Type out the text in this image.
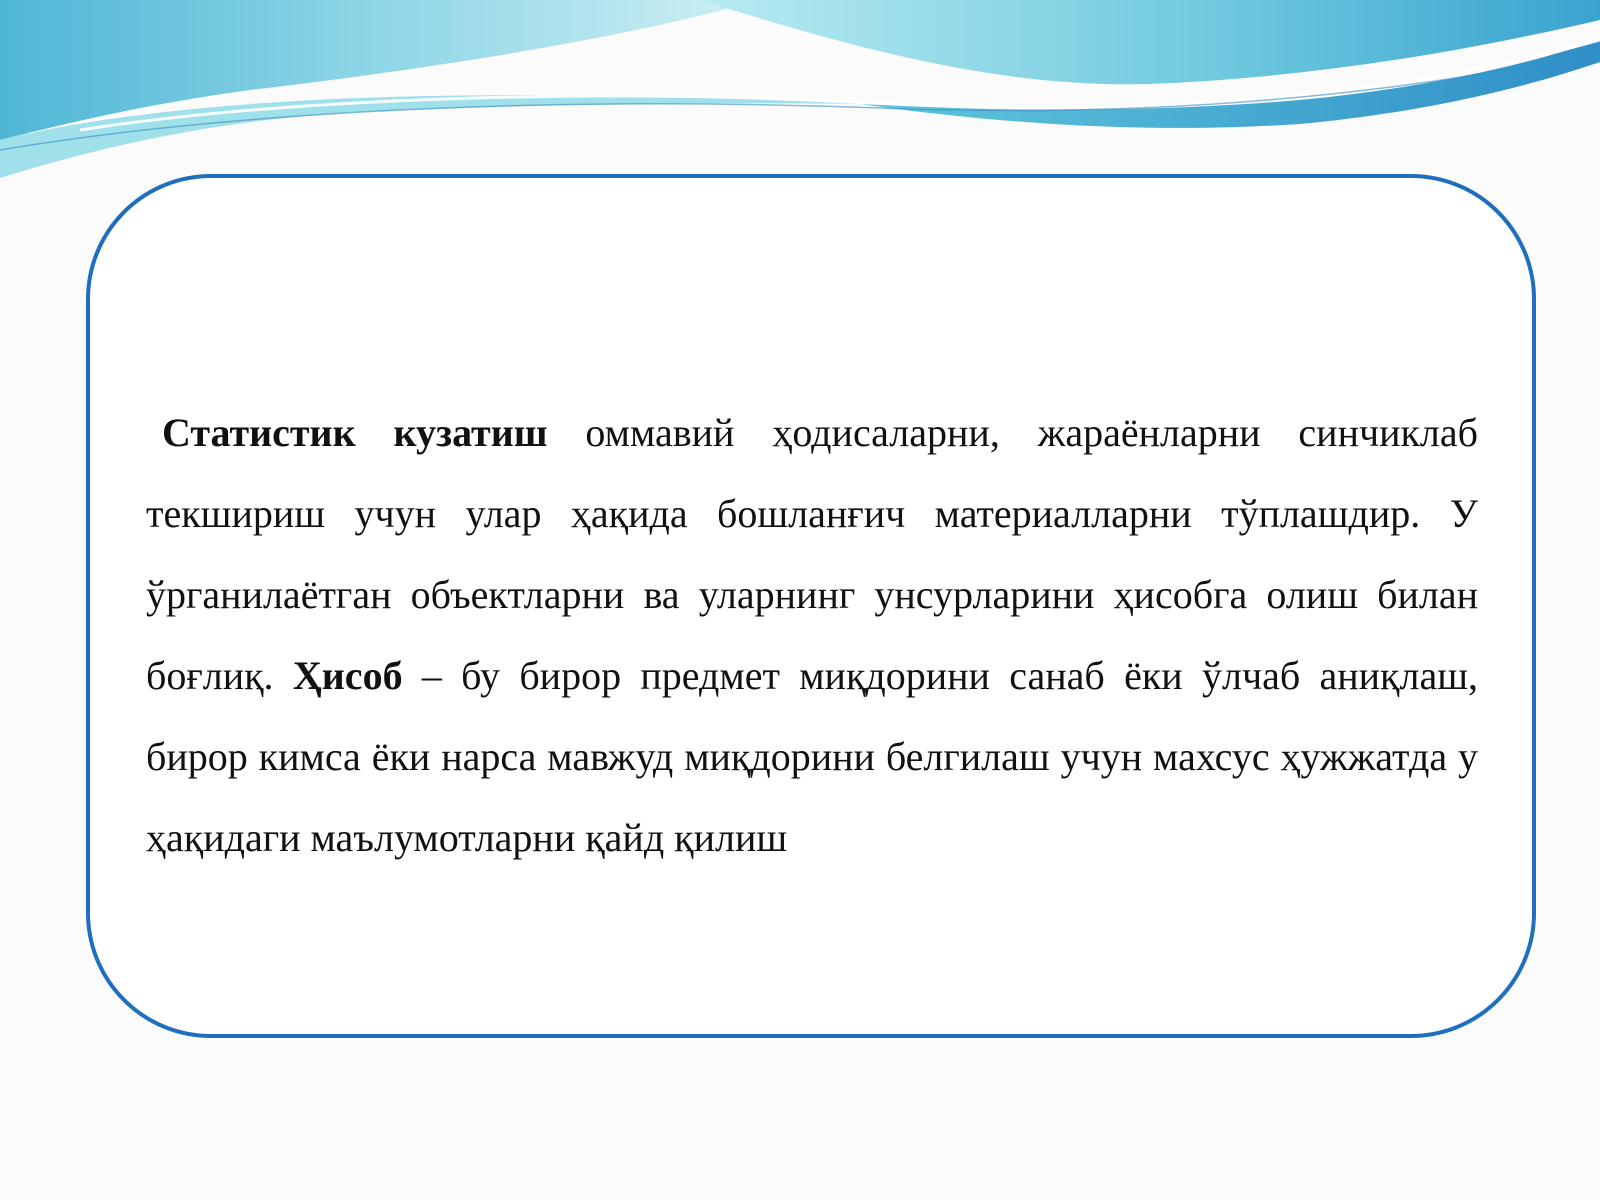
Статистик кузатиш оммавий ҳодисаларни, жараёнларни синчиклаб текшириш учун улар ҳақида бошланғич материалларни тўплашдир. У ўрганилаётган объектларни ва уларнинг унсурларини ҳисобга олиш билан боғлиқ. Ҳисоб – бу бирор предмет миқдорини санаб ёки ўлчаб аниқлаш, бирор кимса ёки нарса мавжуд миқдорини белгилаш учун махсус ҳужжатда у ҳақидаги маълумотларни қайд қилиш
